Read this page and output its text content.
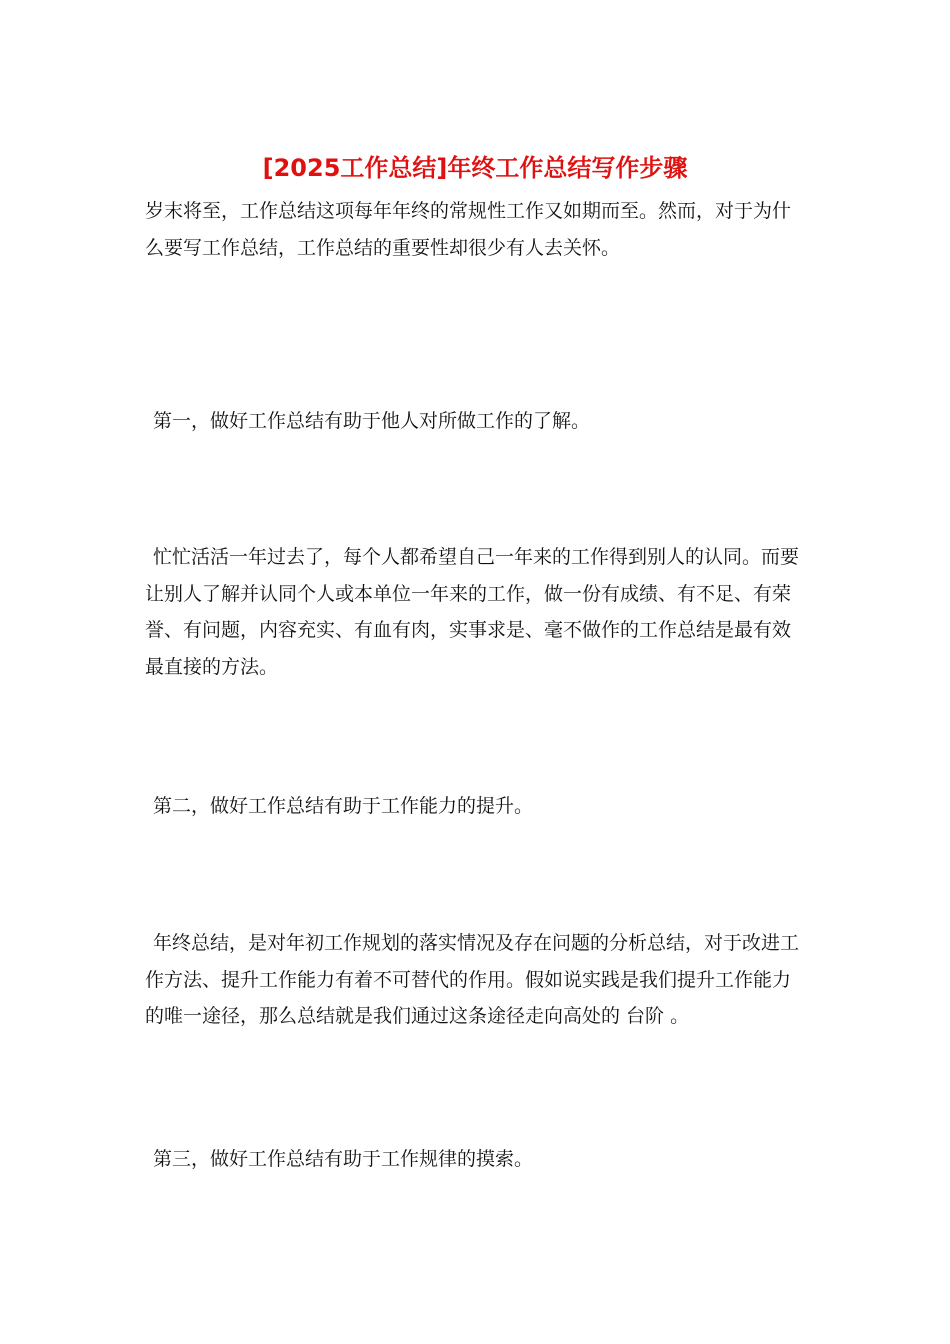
[2025工作总结]年终工作总结写作步骤
岁末将至，工作总结这项每年年终的常规性工作又如期而至。然而，对于为什
么要写工作总结，工作总结的重要性却很少有人去关怀。
第一，做好工作总结有助于他人对所做工作的了解。
忙忙活活一年过去了，每个人都希望自己一年来的工作得到别人的认同。而要
让别人了解并认同个人或本单位一年来的工作，做一份有成绩、有不足、有荣
誉、有问题，内容充实、有血有肉，实事求是、毫不做作的工作总结是最有效
最直接的方法。
第二，做好工作总结有助于工作能力的提升。
年终总结，是对年初工作规划的落实情况及存在问题的分析总结，对于改进工
作方法、提升工作能力有着不可替代的作用。假如说实践是我们提升工作能力
的唯一途径，那么总结就是我们通过这条途径走向高处的 台阶 。
第三，做好工作总结有助于工作规律的摸索。
